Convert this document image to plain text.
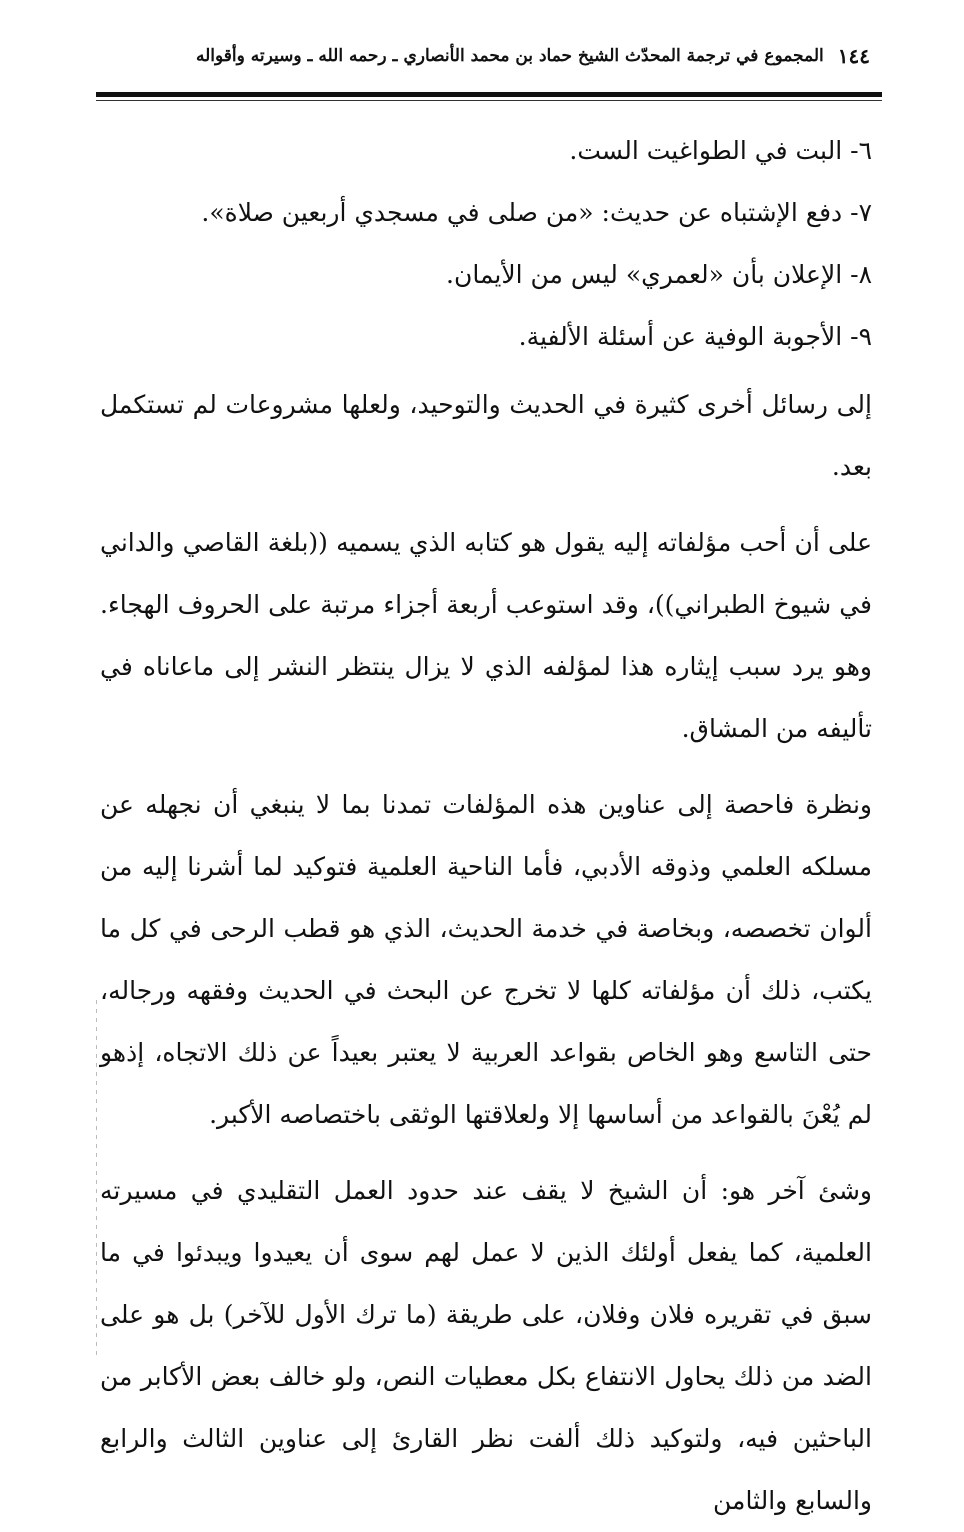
١٤٤
المجموع في ترجمة المحدّث الشيخ حماد بن محمد الأنصاري ـ رحمه الله ـ وسيرته وأقواله

٦- البت في الطواغيت الست.

٧- دفع الإشتباه عن حديث: «من صلى في مسجدي أربعين صلاة».

٨- الإعلان بأن «لعمري» ليس من الأيمان.

٩- الأجوبة الوفية عن أسئلة الألفية.

إلى رسائل أخرى كثيرة في الحديث والتوحيد، ولعلها مشروعات لم تستكمل بعد.

على أن أحب مؤلفاته إليه يقول هو كتابه الذي يسميه ((بلغة القاصي والداني في شيوخ الطبراني))، وقد استوعب أربعة أجزاء مرتبة على الحروف الهجاء. وهو يرد سبب إيثاره هذا لمؤلفه الذي لا يزال ينتظر النشر إلى ماعاناه في تأليفه من المشاق.

ونظرة فاحصة إلى عناوين هذه المؤلفات تمدنا بما لا ينبغي أن نجهله عن مسلكه العلمي وذوقه الأدبي، فأما الناحية العلمية فتوكيد لما أشرنا إليه من ألوان تخصصه، وبخاصة في خدمة الحديث، الذي هو قطب الرحى في كل ما يكتب، ذلك أن مؤلفاته كلها لا تخرج عن البحث في الحديث وفقهه ورجاله، حتى التاسع وهو الخاص بقواعد العربية لا يعتبر بعيداً عن ذلك الاتجاه، إذهو لم يُعْنَ بالقواعد من أساسها إلا ولعلاقتها الوثقى باختصاصه الأكبر.

وشئ آخر هو: أن الشيخ لا يقف عند حدود العمل التقليدي في مسيرته العلمية، كما يفعل أولئك الذين لا عمل لهم سوى أن يعيدوا ويبدئوا في ما سبق في تقريره فلان وفلان، على طريقة (ما ترك الأول للآخر) بل هو على الضد من ذلك يحاول الانتفاع بكل معطيات النص، ولو خالف بعض الأكابر من الباحثين فيه، ولتوكيد ذلك ألفت نظر القارئ إلى عناوين الثالث والرابع والسابع والثامن
